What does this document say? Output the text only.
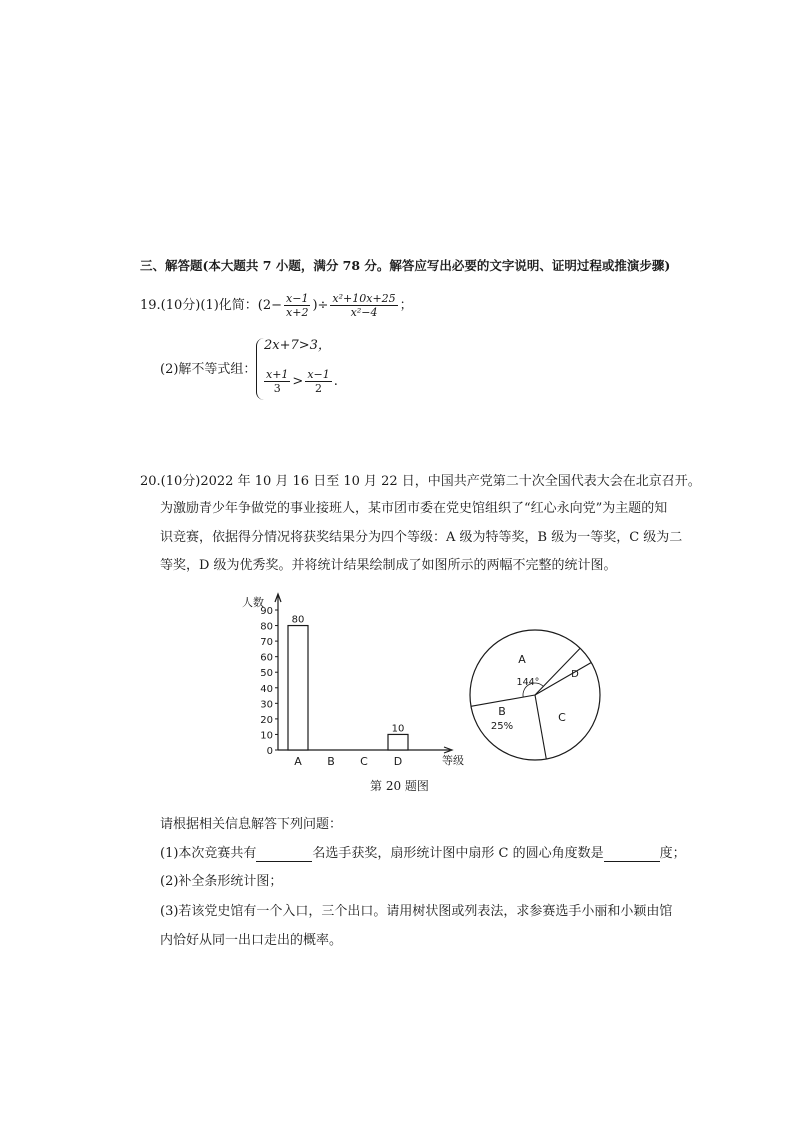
三、解答题(本大题共 7 小题，满分 78 分。解答应写出必要的文字说明、证明过程或推演步骤)
19.(10分)(1)化简：($2- \frac{x-1}{x+2}$ )÷ $\frac{\text{x²+10x+25}}{\text{x²−4}}$ ；
(2)解不等式组：
2x+7>3，
$\frac{x+1}{3} > \frac{x-1}{2}$ .
20.(10分)2022 年 10 月 16 日至 10 月 22 日，中国共产党第二十次全国代表大会在北京召开。
为激励青少年争做党的事业接班人，某市团市委在党史馆组织了“红心永向党”为主题的知
识竞赛，依据得分情况将获奖结果分为四个等级：A 级为特等奖，B 级为一等奖，C 级为二
等奖，D 级为优秀奖。并将统计结果绘制成了如图所示的两幅不完整的统计图。
人数
等级
0
10
20
30
40
50
60
70
80
90
A
80
B C D
10
A
144°
B
25%
C
D
第 20 题图
请根据相关信息解答下列问题：
(1)本次竞赛共有	名选手获奖，扇形统计图中扇形 C 的圆心角度数是	度；
(2)补全条形统计图；
(3)若该党史馆有一个入口，三个出口。请用树状图或列表法，求参赛选手小丽和小颖由馆
内恰好从同一出口走出的概率。
